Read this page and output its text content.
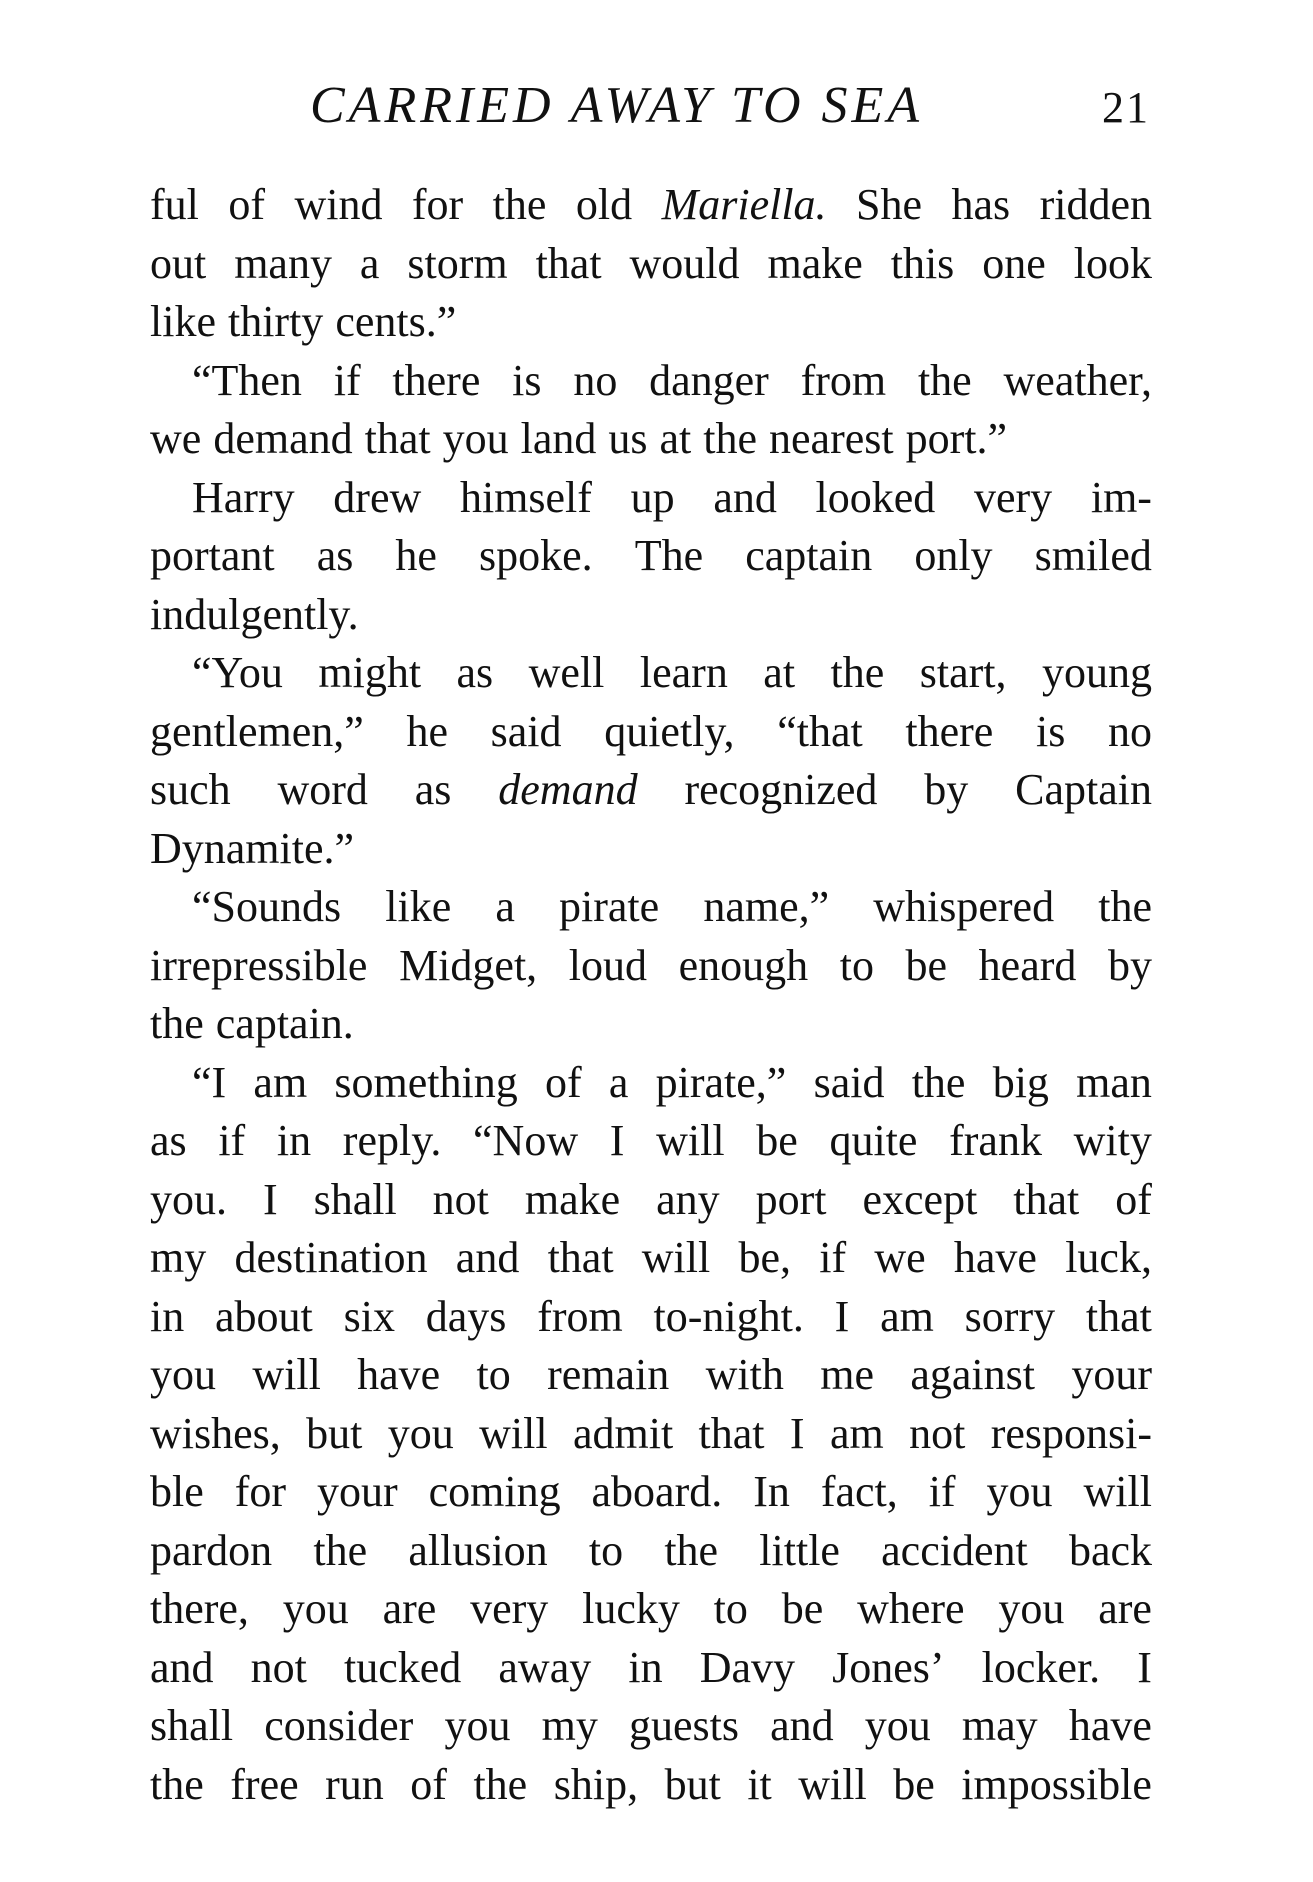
CARRIED AWAY TO SEA	21
ful of wind for the old Mariella. She has ridden
out many a storm that would make this one look
like thirty cents.”
“Then if there is no danger from the weather,
we demand that you land us at the nearest port.”
Harry drew himself up and looked very im-
portant as he spoke. The captain only smiled
indulgently.
“You might as well learn at the start, young
gentlemen,” he said quietly, “that there is no
such word as demand recognized by Captain
Dynamite.”
“Sounds like a pirate name,” whispered the
irrepressible Midget, loud enough to be heard by
the captain.
“I am something of a pirate,” said the big man
as if in reply. “Now I will be quite frank wity
you. I shall not make any port except that of
my destination and that will be, if we have luck,
in about six days from to-night. I am sorry that
you will have to remain with me against your
wishes, but you will admit that I am not responsi-
ble for your coming aboard. In fact, if you will
pardon the allusion to the little accident back
there, you are very lucky to be where you are
and not tucked away in Davy Jones’ locker. I
shall consider you my guests and you may have
the free run of the ship, but it will be impossible
